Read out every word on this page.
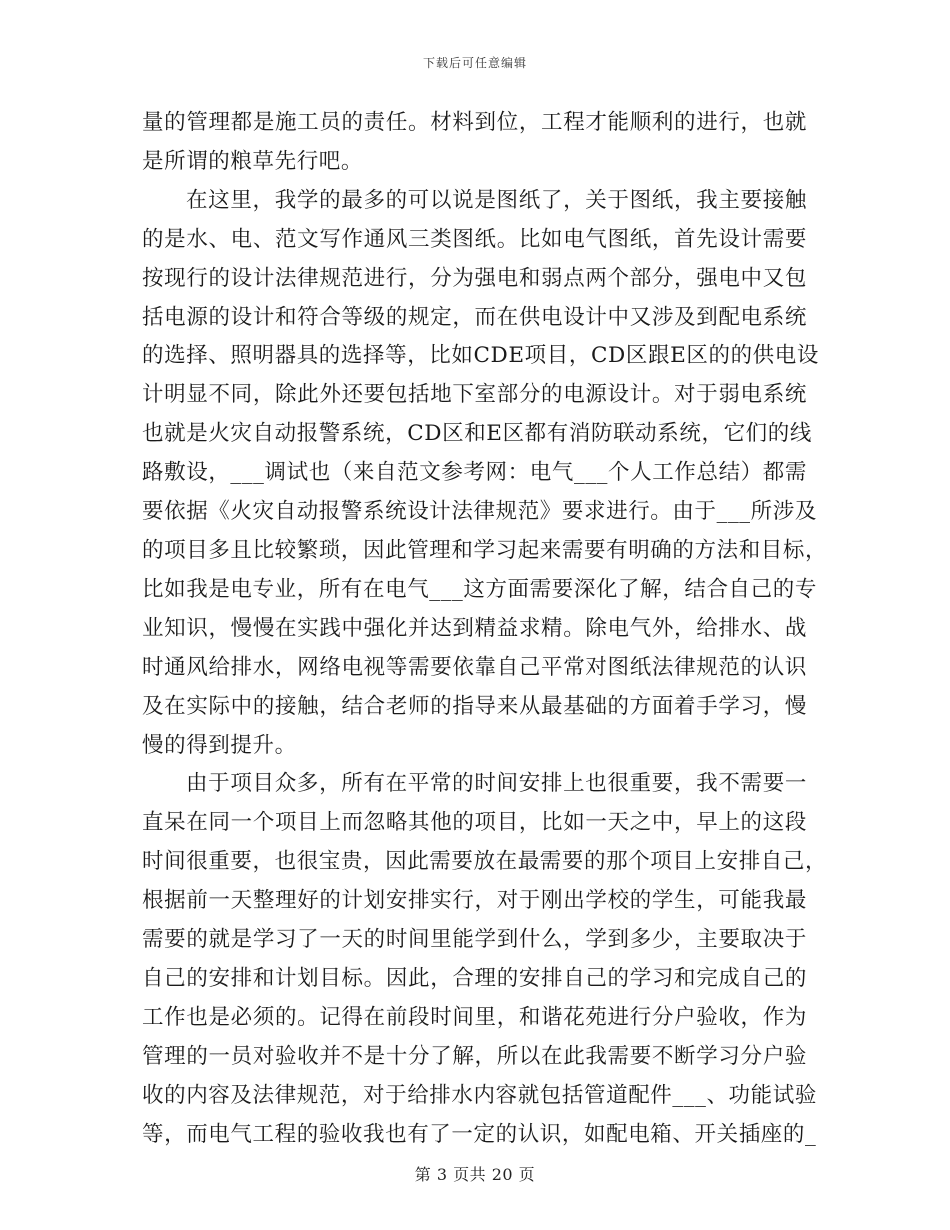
下载后可任意编辑
量的管理都是施工员的责任。材料到位，工程才能顺利的进行，也就
是所谓的粮草先行吧。
在这里，我学的最多的可以说是图纸了，关于图纸，我主要接触
的是水、电、范文写作通风三类图纸。比如电气图纸，首先设计需要
按现行的设计法律规范进行，分为强电和弱点两个部分，强电中又包
括电源的设计和符合等级的规定，而在供电设计中又涉及到配电系统
的选择、照明器具的选择等，比如CDE项目，CD区跟E区的的供电设
计明显不同，除此外还要包括地下室部分的电源设计。对于弱电系统
也就是火灾自动报警系统，CD区和E区都有消防联动系统，它们的线
路敷设，___调试也（来自范文参考网：电气___个人工作总结）都需
要依据《火灾自动报警系统设计法律规范》要求进行。由于___所涉及
的项目多且比较繁琐，因此管理和学习起来需要有明确的方法和目标，
比如我是电专业，所有在电气___这方面需要深化了解，结合自己的专
业知识，慢慢在实践中强化并达到精益求精。除电气外，给排水、战
时通风给排水，网络电视等需要依靠自己平常对图纸法律规范的认识
及在实际中的接触，结合老师的指导来从最基础的方面着手学习，慢
慢的得到提升。
由于项目众多，所有在平常的时间安排上也很重要，我不需要一
直呆在同一个项目上而忽略其他的项目，比如一天之中，早上的这段
时间很重要，也很宝贵，因此需要放在最需要的那个项目上安排自己，
根据前一天整理好的计划安排实行，对于刚出学校的学生，可能我最
需要的就是学习了一天的时间里能学到什么，学到多少，主要取决于
自己的安排和计划目标。因此，合理的安排自己的学习和完成自己的
工作也是必须的。记得在前段时间里，和谐花苑进行分户验收，作为
管理的一员对验收并不是十分了解，所以在此我需要不断学习分户验
收的内容及法律规范，对于给排水内容就包括管道配件___、功能试验
等，而电气工程的验收我也有了一定的认识，如配电箱、开关插座的_
第 3 页共 20 页
